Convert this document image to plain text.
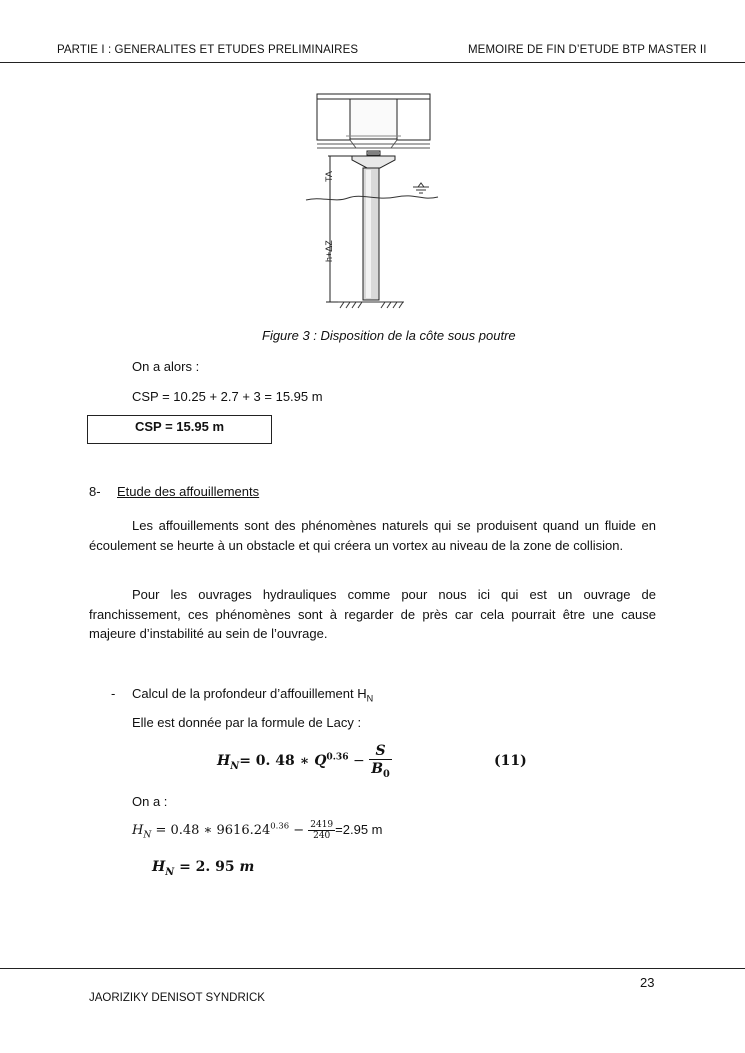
PARTIE I : GENERALITES ET ETUDES PRELIMINAIRES	MEMOIRE DE FIN D’ETUDE BTP MASTER II
TA
h+ΔZ
Figure 3 : Disposition de la côte sous poutre
On a alors :
CSP = 10.25 + 2.7 + 3 = 15.95 m
CSP = 15.95 m
8- Etude des affouillements
Les affouillements sont des phénomènes naturels qui se produisent quand un fluide en écoulement se heurte à un obstacle et qui créera un vortex au niveau de la zone de collision.
Pour les ouvrages hydrauliques comme pour nous ici qui est un ouvrage de franchissement, ces phénomènes sont à regarder de près car cela pourrait être une cause majeure d’instabilité au sein de l’ouvrage.
- Calcul de la profondeur d’affouillement $H_N$
Elle est donnée par la formule de Lacy :
$H_N= 0$. 48 ∗ $Q^{0.36} - \frac{S}{B_0}$	(11)
On a :
$H_N = 0.48$ ∗ $9616.24^{0.36} - \frac{2419}{240} =2.95$ m
$H_N = 2$. 95 m
23
JAORIZIKY DENISOT SYNDRICK
